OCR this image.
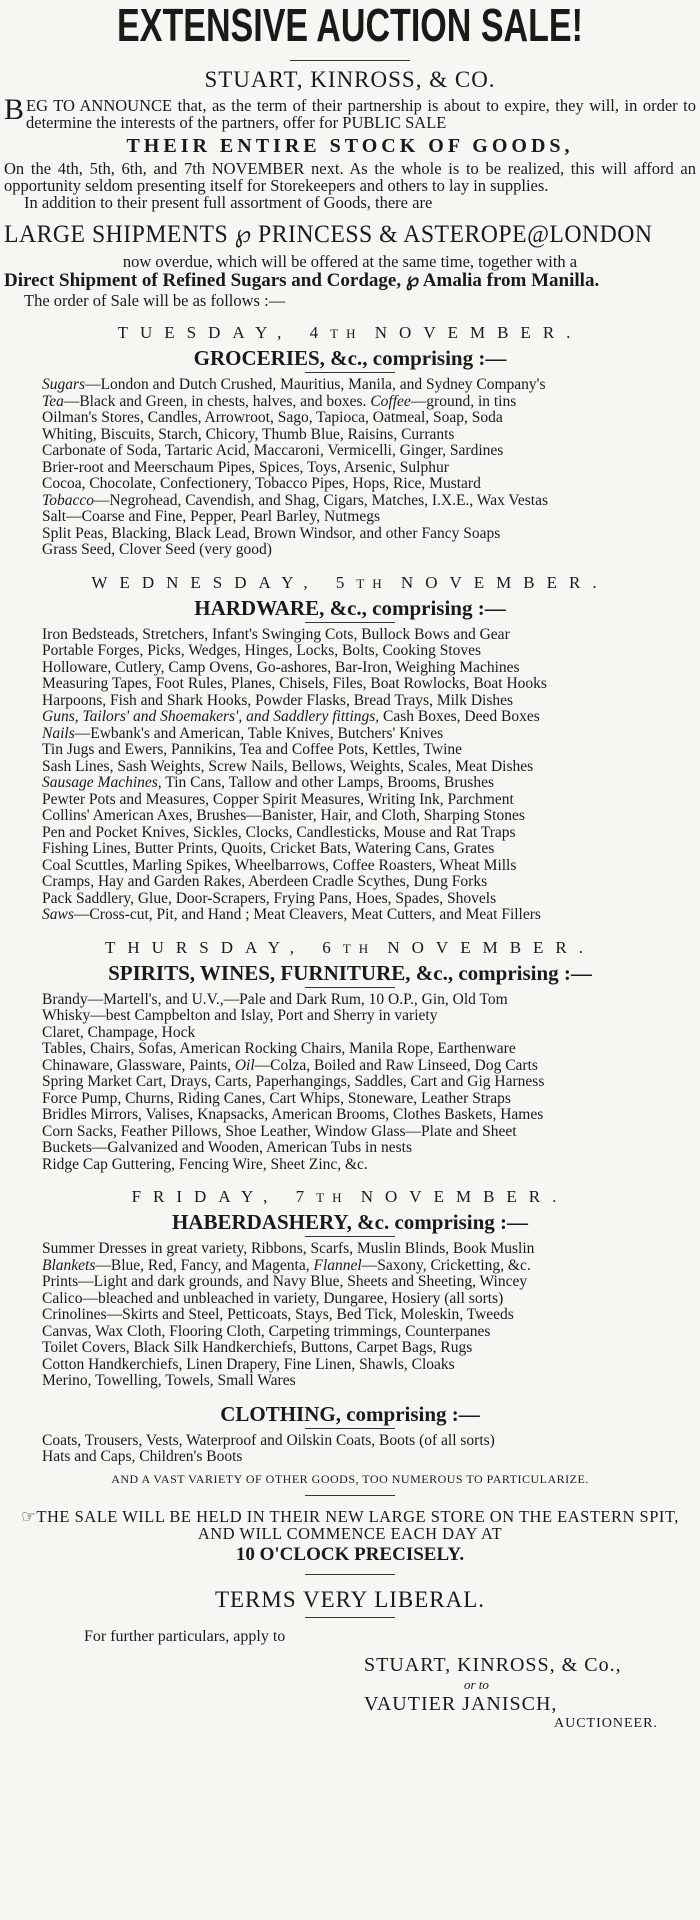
EXTENSIVE AUCTION SALE!
STUART, KINROSS, & CO.
B EG TO ANNOUNCE that, as the term of their partnership is about to expire, they will, in order to determine the interests of the partners, offer for PUBLIC SALE
THEIR ENTIRE STOCK OF GOODS,

On the 4th, 5th, 6th, and 7th NOVEMBER next. As the whole is to be realized, this will afford an opportunity seldom presenting itself for Storekeepers and others to lay in supplies.

In addition to their present full assortment of Goods, there are

LARGE SHIPMENTS ℘ PRINCESS & ASTEROPE@LONDON

now overdue, which will be offered at the same time, together with a

Direct Shipment of Refined Sugars and Cordage, ℘ Amalia from Manilla.

The order of Sale will be as follows :—

TUESDAY, 4TH NOVEMBER.
GROCERIES, &c., comprising :—
Sugars—London and Dutch Crushed, Mauritius, Manila, and Sydney Company's
Tea—Black and Green, in chests, halves, and boxes. Coffee—ground, in tins
Oilman's Stores, Candles, Arrowroot, Sago, Tapioca, Oatmeal, Soap, Soda
Whiting, Biscuits, Starch, Chicory, Thumb Blue, Raisins, Currants
Carbonate of Soda, Tartaric Acid, Maccaroni, Vermicelli, Ginger, Sardines
Brier-root and Meerschaum Pipes, Spices, Toys, Arsenic, Sulphur
Cocoa, Chocolate, Confectionery, Tobacco Pipes, Hops, Rice, Mustard
Tobacco—Negrohead, Cavendish, and Shag, Cigars, Matches, I.X.E., Wax Vestas
Salt—Coarse and Fine, Pepper, Pearl Barley, Nutmegs
Split Peas, Blacking, Black Lead, Brown Windsor, and other Fancy Soaps
Grass Seed, Clover Seed (very good)
WEDNESDAY, 5TH NOVEMBER.
HARDWARE, &c., comprising :—
Iron Bedsteads, Stretchers, Infant's Swinging Cots, Bullock Bows and Gear
Portable Forges, Picks, Wedges, Hinges, Locks, Bolts, Cooking Stoves
Holloware, Cutlery, Camp Ovens, Go-ashores, Bar-Iron, Weighing Machines
Measuring Tapes, Foot Rules, Planes, Chisels, Files, Boat Rowlocks, Boat Hooks
Harpoons, Fish and Shark Hooks, Powder Flasks, Bread Trays, Milk Dishes
Guns, Tailors' and Shoemakers', and Saddlery fittings, Cash Boxes, Deed Boxes
Nails—Ewbank's and American, Table Knives, Butchers' Knives
Tin Jugs and Ewers, Pannikins, Tea and Coffee Pots, Kettles, Twine
Sash Lines, Sash Weights, Screw Nails, Bellows, Weights, Scales, Meat Dishes
Sausage Machines, Tin Cans, Tallow and other Lamps, Brooms, Brushes
Pewter Pots and Measures, Copper Spirit Measures, Writing Ink, Parchment
Collins' American Axes, Brushes—Banister, Hair, and Cloth, Sharping Stones
Pen and Pocket Knives, Sickles, Clocks, Candlesticks, Mouse and Rat Traps
Fishing Lines, Butter Prints, Quoits, Cricket Bats, Watering Cans, Grates
Coal Scuttles, Marling Spikes, Wheelbarrows, Coffee Roasters, Wheat Mills
Cramps, Hay and Garden Rakes, Aberdeen Cradle Scythes, Dung Forks
Pack Saddlery, Glue, Door-Scrapers, Frying Pans, Hoes, Spades, Shovels
Saws—Cross-cut, Pit, and Hand ; Meat Cleavers, Meat Cutters, and Meat Fillers
THURSDAY, 6TH NOVEMBER.
SPIRITS, WINES, FURNITURE, &c., comprising :—
Brandy—Martell's, and U.V.,—Pale and Dark Rum, 10 O.P., Gin, Old Tom
Whisky—best Campbelton and Islay, Port and Sherry in variety
Claret, Champage, Hock
Tables, Chairs, Sofas, American Rocking Chairs, Manila Rope, Earthenware
Chinaware, Glassware, Paints, Oil—Colza, Boiled and Raw Linseed, Dog Carts
Spring Market Cart, Drays, Carts, Paperhangings, Saddles, Cart and Gig Harness
Force Pump, Churns, Riding Canes, Cart Whips, Stoneware, Leather Straps
Bridles Mirrors, Valises, Knapsacks, American Brooms, Clothes Baskets, Hames
Corn Sacks, Feather Pillows, Shoe Leather, Window Glass—Plate and Sheet
Buckets—Galvanized and Wooden, American Tubs in nests
Ridge Cap Guttering, Fencing Wire, Sheet Zinc, &c.
FRIDAY, 7TH NOVEMBER.
HABERDASHERY, &c. comprising :—
Summer Dresses in great variety, Ribbons, Scarfs, Muslin Blinds, Book Muslin
Blankets—Blue, Red, Fancy, and Magenta, Flannel—Saxony, Cricketting, &c.
Prints—Light and dark grounds, and Navy Blue, Sheets and Sheeting, Wincey
Calico—bleached and unbleached in variety, Dungaree, Hosiery (all sorts)
Crinolines—Skirts and Steel, Petticoats, Stays, Bed Tick, Moleskin, Tweeds
Canvas, Wax Cloth, Flooring Cloth, Carpeting trimmings, Counterpanes
Toilet Covers, Black Silk Handkerchiefs, Buttons, Carpet Bags, Rugs
Cotton Handkerchiefs, Linen Drapery, Fine Linen, Shawls, Cloaks
Merino, Towelling, Towels, Small Wares
CLOTHING, comprising :—
Coats, Trousers, Vests, Waterproof and Oilskin Coats, Boots (of all sorts)
Hats and Caps, Children's Boots
AND A VAST VARIETY OF OTHER GOODS, TOO NUMEROUS TO PARTICULARIZE.
☞THE SALE WILL BE HELD IN THEIR NEW LARGE STORE ON THE EASTERN SPIT, AND WILL COMMENCE EACH DAY AT
10 O'CLOCK PRECISELY.
TERMS VERY LIBERAL.
For further particulars, apply to
STUART, KINROSS, & Co.,
or to
VAUTIER JANISCH,
AUCTIONEER.
